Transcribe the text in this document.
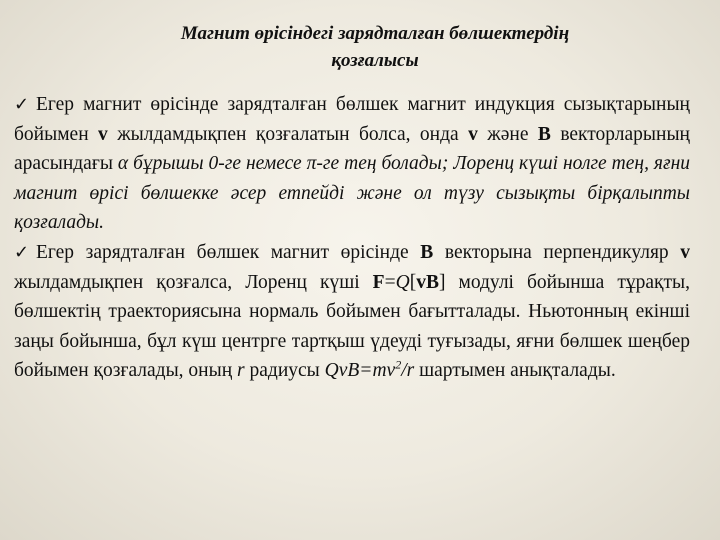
Магнит өрісіндегі зарядталған бөлшектердің
қозғалысы

✓ Егер магнит өрісінде зарядталған бөлшек магнит индукция сызықтарының бойымен v жылдамдықпен қозғалатын болса, онда v және B векторларының арасындағы α бұрышы 0-ге немесе π-ге тең болады; Лоренц күші нолге тең, яғни магнит өрісі бөлшекке әсер етпейді және ол түзу сызықты бірқалыпты қозғалады.

✓ Егер зарядталған бөлшек магнит өрісінде B векторына перпендикуляр v жылдамдықпен қозғалса, Лоренц күші F=Q[vB] модулі бойынша тұрақты, бөлшектің траекториясына нормаль бойымен бағытталады. Ньютонның екінші заңы бойынша, бұл күш центрге тартқыш үдеуді туғызады, яғни бөлшек шеңбер бойымен қозғалады, оның r радиусы $QvB=mv^2/r$ шартымен анықталады.
